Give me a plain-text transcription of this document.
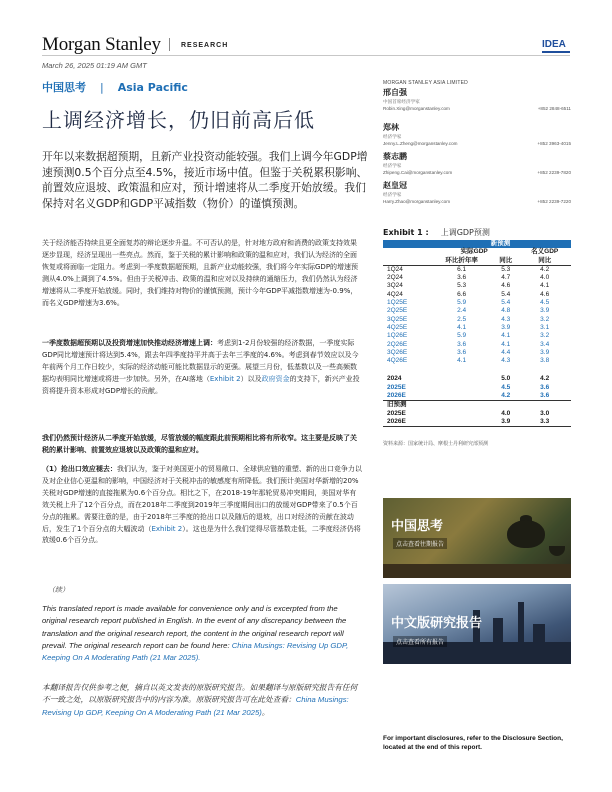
Morgan Stanley	RESEARCH	IDEA
March 26, 2025 01:19 AM GMT
中国思考 | Asia Pacific
上调经济增长，仍旧前高后低
开年以来数据超预期，且新产业投资动能较强。我们上调今年GDP增速预测0.5个百分点至4.5%，接近市场中值。但鉴于关税累积影响、前置效应退坡、政策温和应对，预计增速将从二季度开始放缓。我们保持对名义GDP和GDP平减指数（物价）的谨慎预测。
关于经济能否持续且更全面复苏的辩论逐步升温。不可否认的是，针对地方政府和消费的政策支持效果逐步显现，经济呈现出一些亮点。然而，鉴于关税的累计影响和政策的温和应对，我们认为经济的全面恢复或将面临一定阻力。考虑到一季度数据超预期，且新产业动能较强，我们将今年实际GDP的增速预测从4.0%上调到了4.5%。但由于关税冲击、政策的温和应对以及持续的通缩压力，我们仍然认为经济增速将从二季度开始放缓。同时，我们维持对物价的谨慎预测，预计今年GDP平减指数增速为-0.9%，而名义GDP增速为3.6%。
一季度数据超预期以及投资增速加快推动经济增速上调：考虑到1-2月份较强的经济数据，一季度实际GDP同比增速预计将达到5.4%，跟去年四季度持平并高于去年三季度的4.6%。考虑到春节效应以及今年前两个月工作日较少，实际的经济动能可能比数据显示的更强。展望三月份，低基数以及一些高频数据均表明同比增速或将进一步加快。另外，在AI落地（Exhibit 2）以及政府资金的支持下，新兴产业投资将提升资本形成对GDP增长的贡献。
我们仍然预计经济从二季度开始放缓，尽管放缓的幅度跟此前预期相比将有所收窄。这主要是反映了关税的累计影响、前置效应退坡以及政策的温和应对。
（1）抢出口效应褪去：我们认为，鉴于对美国更小的贸易敞口、全球供应链的重塑、新的出口竞争力以及对企业信心更温和的影响，中国经济对于关税冲击的敏感度有所降低。我们预计美国对华新增的20%关税对GDP增速的直接拖累为0.6个百分点。相比之下，在2018-19年那轮贸易冲突期间，美国对华有效关税上升了12个百分点，而在2018年二季度到2019年三季度期间出口的放缓对GDP带来了0.5个百分点的拖累。需要注意的是，由于2018年三季度的抢出口以及随后的退坡，出口对经济的贡献在波动后，发生了1个百分点的大幅波动（Exhibit 2）。这也是为什么我们觉得尽管基数走低，二季度经济仍将放缓0.6个百分点。
（续）
This translated report is made available for convenience only and is excerpted from the original research report published in English. In the event of any discrepancy between the translation and the original research report, the content in the original research report will prevail. The original research report can be found here: China Musings: Revising Up GDP, Keeping On A Moderating Path (21 Mar 2025).
本翻译报告仅供参考之便，摘自以英文发表的原版研究报告。如果翻译与原版研究报告有任何不一致之处，以原版研究报告中的内容为准。原版研究报告可在此处查看：China Musings: Revising Up GDP, Keeping On A Moderating Path (21 Mar 2025)。
MORGAN STANLEY ASIA LIMITED
邢自强
中国首席经济学家
Robin.Xing@morganstanley.com	+852 2848-6511
郑林
经济学家
Jenny.L.Zheng@morganstanley.com	+852 3963-4015
蔡志鹏
经济学家
Zhipeng.Cai@morganstanley.com	+852 2239-7820
赵皇冠
经济学家
Harry.Zhao@morganstanley.com	+852 2239-7220
Exhibit 1 : 上调GDP预测
	新预测		
	实际GDP		名义GDP
	环比折年率	同比	同比
1Q24	6.1	5.3	4.2
2Q24	3.6	4.7	4.0
3Q24	5.3	4.6	4.1
4Q24	6.6	5.4	4.6
1Q25E	5.9	5.4	4.5
2Q25E	2.4	4.8	3.9
3Q25E	2.5	4.3	3.2
4Q25E	4.1	3.9	3.1
1Q26E	5.9	4.1	3.2
2Q26E	3.6	4.1	3.4
3Q26E	3.6	4.4	3.9
4Q26E	4.1	4.3	3.8

2024		5.0	4.2
2025E		4.5	3.6
2026E		4.2	3.6
旧预测			
2025E		4.0	3.0
2026E		3.9	3.3
资料来源：国家统计局、摩根士丹利研究部预测
中国思考
点击查看往期报告
中文版研究报告
点击查看所有报告
For important disclosures, refer to the Disclosure Section, located at the end of this report.
